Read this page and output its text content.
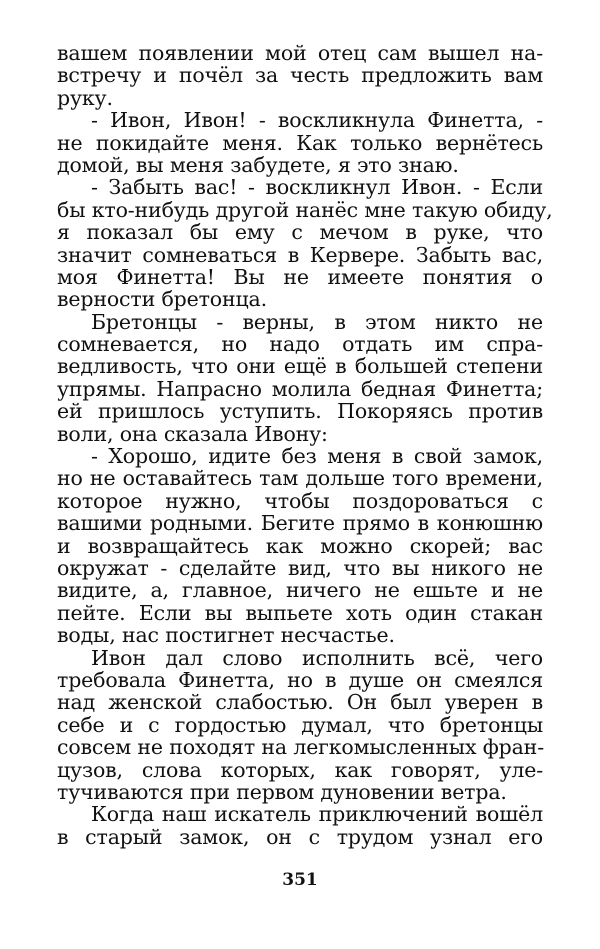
вашем появлении мой отец сам вышел на-
встречу и почёл за честь предложить вам
руку.
- Ивон, Ивон! - воскликнула Финетта, -
не покидайте меня. Как только вернётесь
домой, вы меня забудете, я это знаю.
- Забыть вас! - воскликнул Ивон. - Если
бы кто-нибудь другой нанёс мне такую обиду,
я показал бы ему с мечом в руке, что
значит сомневаться в Кервере. Забыть вас,
моя Финетта! Вы не имеете понятия о
верности бретонца.
Бретонцы - верны, в этом никто не
сомневается, но надо отдать им спра-
ведливость, что они ещё в большей степени
упрямы. Напрасно молила бедная Финетта;
ей пришлось уступить. Покоряясь против
воли, она сказала Ивону:
- Хорошо, идите без меня в свой замок,
но не оставайтесь там дольше того времени,
которое нужно, чтобы поздороваться с
вашими родными. Бегите прямо в конюшню
и возвращайтесь как можно скорей; вас
окружат - сделайте вид, что вы никого не
видите, а, главное, ничего не ешьте и не
пейте. Если вы выпьете хоть один стакан
воды, нас постигнет несчастье.
Ивон дал слово исполнить всё, чего
требовала Финетта, но в душе он смеялся
над женской слабостью. Он был уверен в
себе и с гордостью думал, что бретонцы
совсем не походят на легкомысленных фран-
цузов, слова которых, как говорят, уле-
тучиваются при первом дуновении ветра.
Когда наш искатель приключений вошёл
в старый замок, он с трудом узнал его
351
